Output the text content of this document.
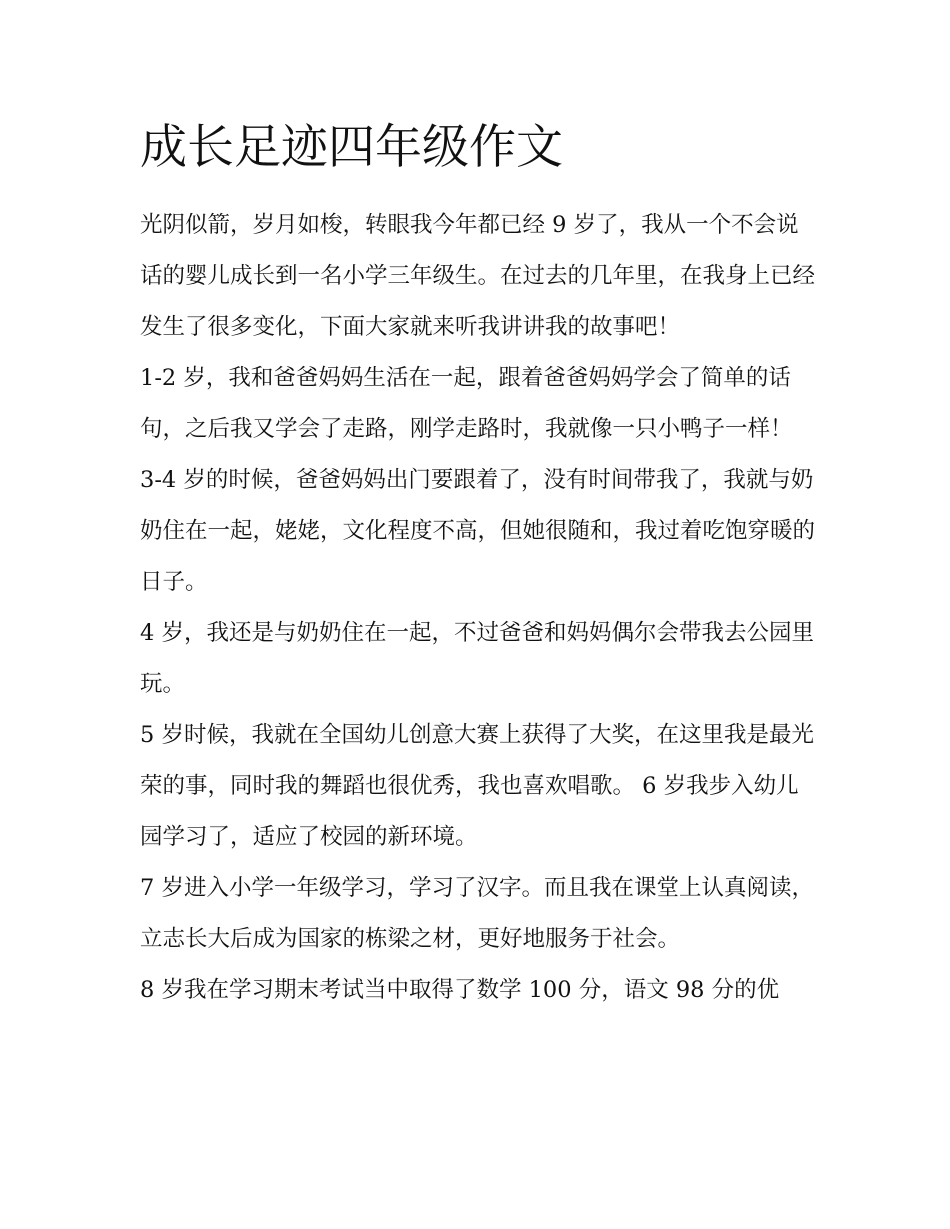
成长足迹四年级作文

光阴似箭，岁月如梭，转眼我今年都已经 9 岁了，我从一个不会说话的婴儿成长到一名小学三年级生。在过去的几年里，在我身上已经发生了很多变化，下面大家就来听我讲讲我的故事吧！

1-2 岁，我和爸爸妈妈生活在一起，跟着爸爸妈妈学会了简单的话句，之后我又学会了走路，刚学走路时，我就像一只小鸭子一样！

3-4 岁的时候，爸爸妈妈出门要跟着了，没有时间带我了，我就与奶奶住在一起，姥姥，文化程度不高，但她很随和，我过着吃饱穿暖的日子。

4 岁，我还是与奶奶住在一起，不过爸爸和妈妈偶尔会带我去公园里玩。

5 岁时候，我就在全国幼儿创意大赛上获得了大奖，在这里我是最光荣的事，同时我的舞蹈也很优秀，我也喜欢唱歌。 6 岁我步入幼儿园学习了，适应了校园的新环境。

7 岁进入小学一年级学习，学习了汉字。而且我在课堂上认真阅读，立志长大后成为国家的栋梁之材，更好地服务于社会。

8 岁我在学习期末考试当中取得了数学 100 分，语文 98 分的优
